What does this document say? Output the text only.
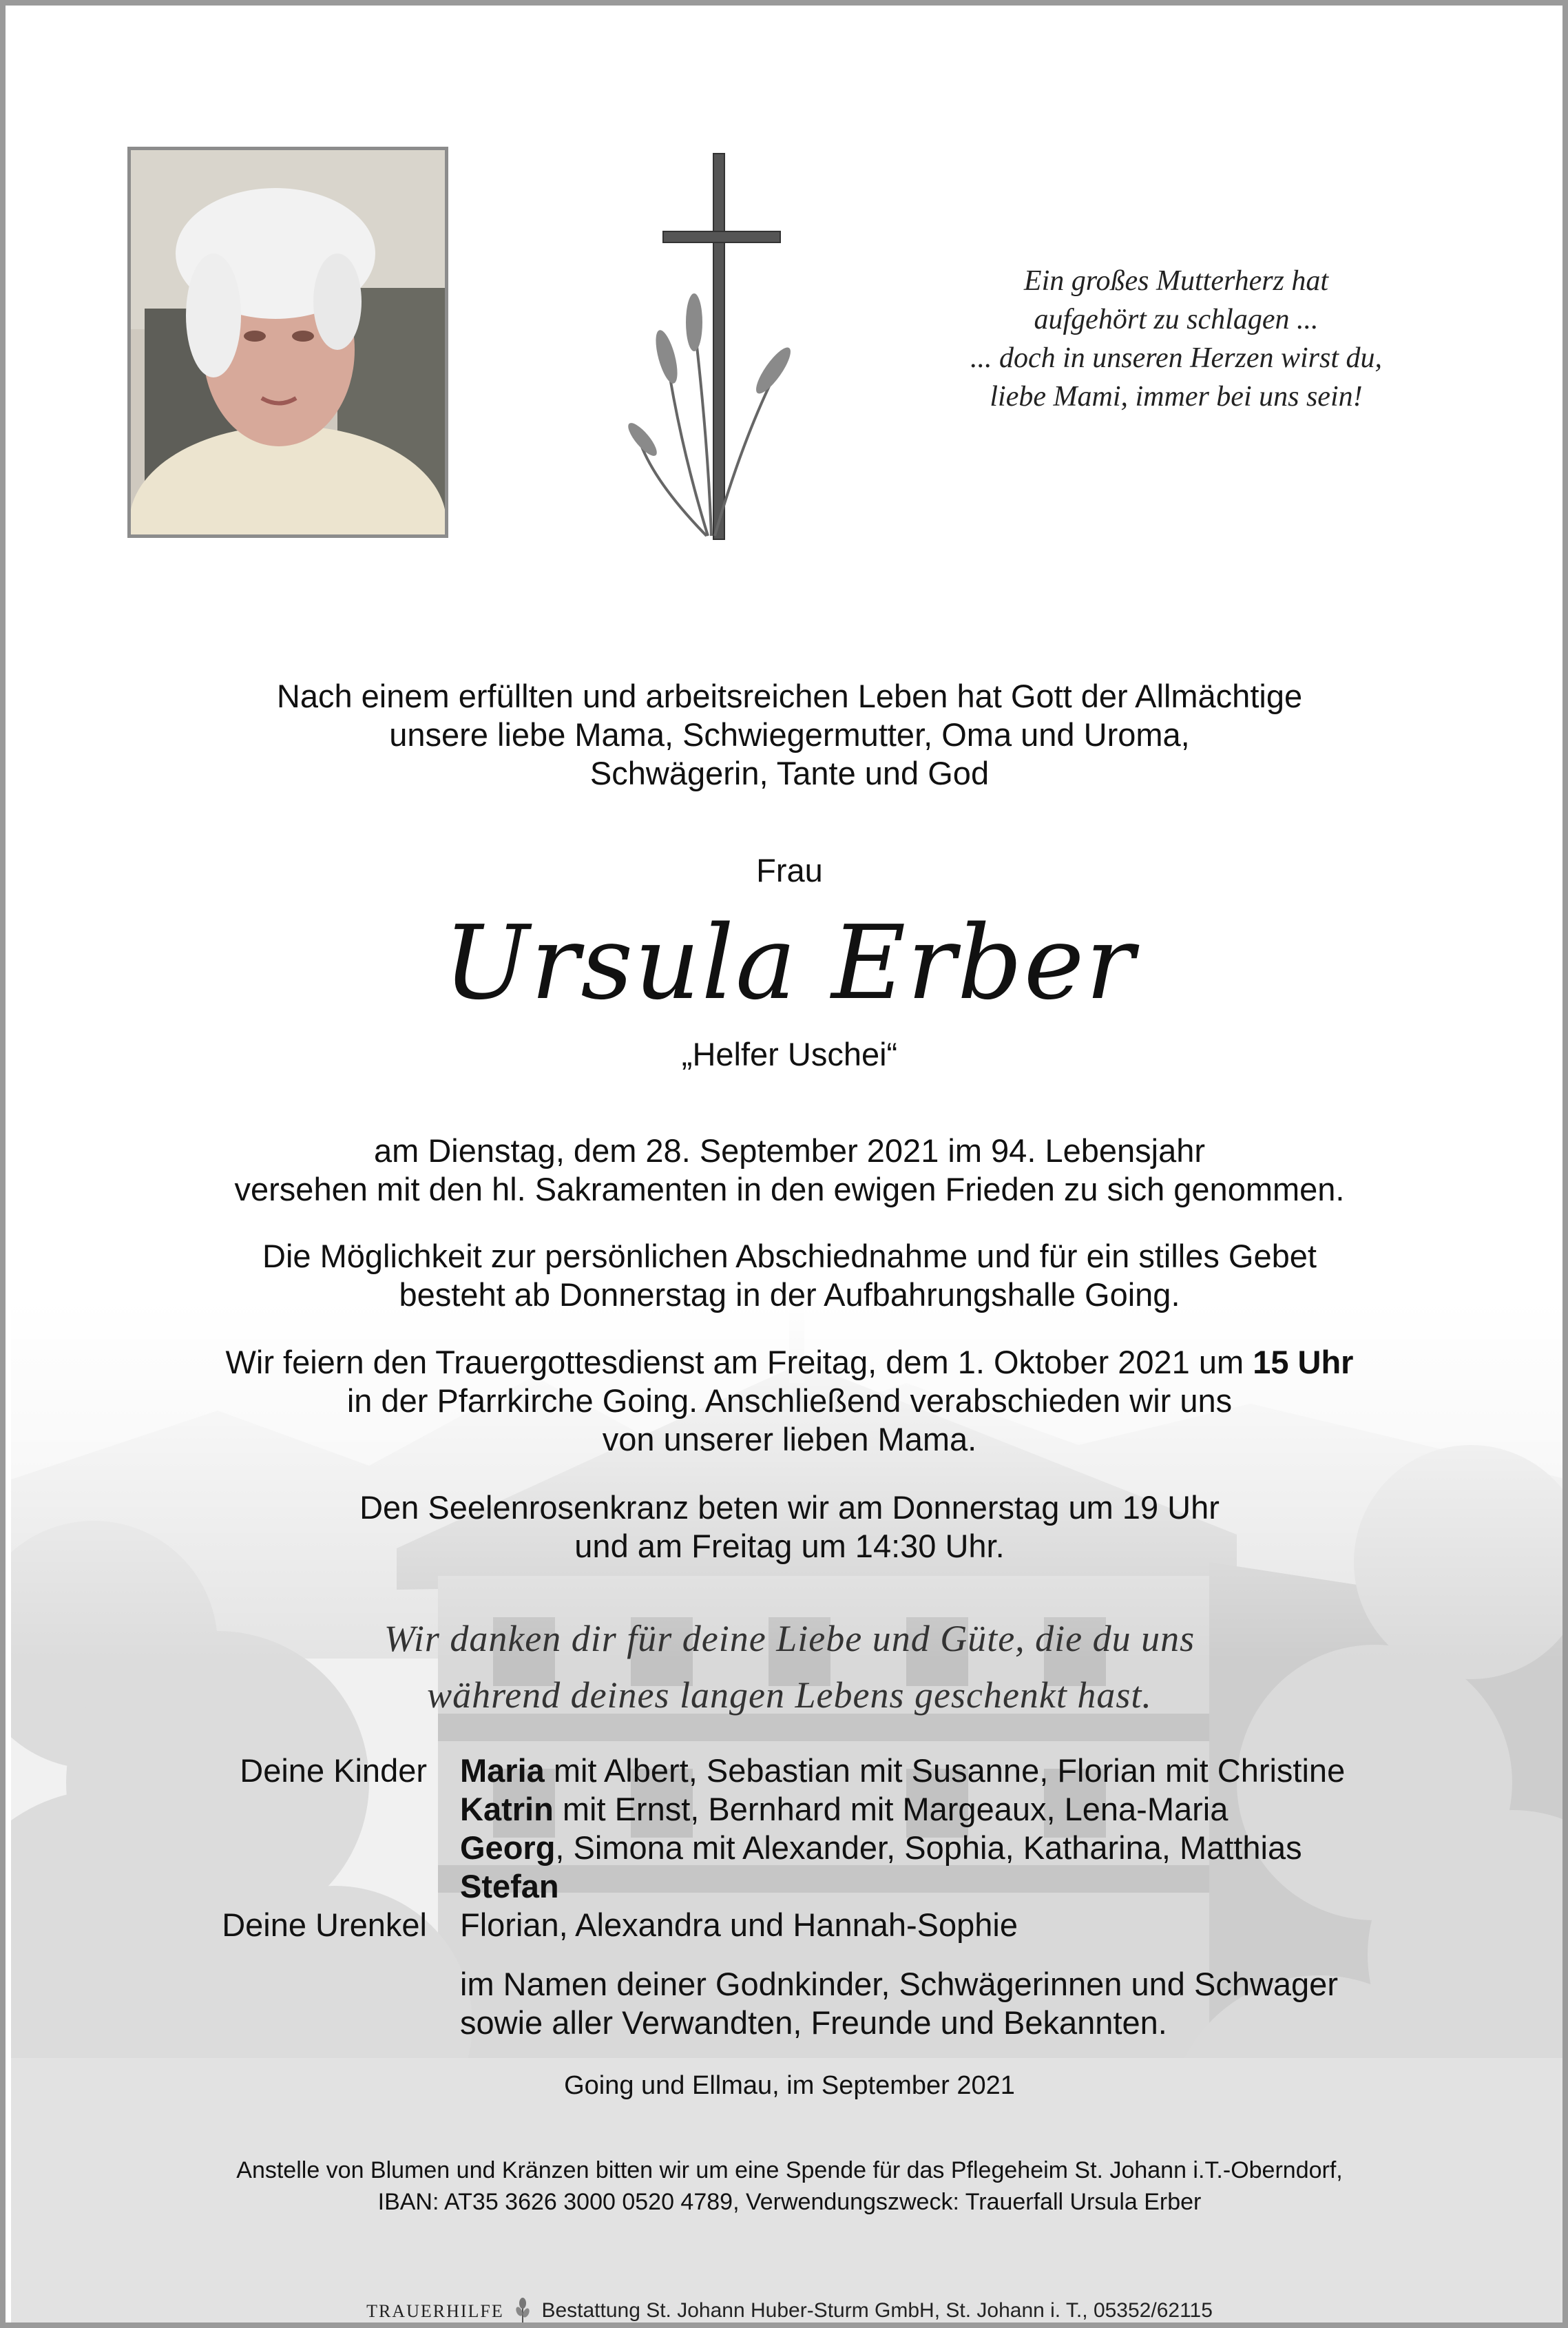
Ein großes Mutterherz hat
aufgehört zu schlagen ...
... doch in unseren Herzen wirst du,
liebe Mami, immer bei uns sein!
Nach einem erfüllten und arbeitsreichen Leben hat Gott der Allmächtige
unsere liebe Mama, Schwiegermutter, Oma und Uroma,
Schwägerin, Tante und God
Frau
Ursula Erber
„Helfer Uschei“
am Dienstag, dem 28. September 2021 im 94. Lebensjahr
versehen mit den hl. Sakramenten in den ewigen Frieden zu sich genommen.
Die Möglichkeit zur persönlichen Abschiednahme und für ein stilles Gebet
besteht ab Donnerstag in der Aufbahrungshalle Going.
Wir feiern den Trauergottesdienst am Freitag, dem 1. Oktober 2021 um 15 Uhr
in der Pfarrkirche Going. Anschließend verabschieden wir uns
von unserer lieben Mama.
Den Seelenrosenkranz beten wir am Donnerstag um 19 Uhr
und am Freitag um 14:30 Uhr.
Wir danken dir für deine Liebe und Güte, die du uns
während deines langen Lebens geschenkt hast.
Deine Kinder Maria mit Albert, Sebastian mit Susanne, Florian mit Christine
Katrin mit Ernst, Bernhard mit Margeaux, Lena-Maria
Georg, Simona mit Alexander, Sophia, Katharina, Matthias
Stefan
Deine Urenkel Florian, Alexandra und Hannah-Sophie
im Namen deiner Godnkinder, Schwägerinnen und Schwager
sowie aller Verwandten, Freunde und Bekannten.
Going und Ellmau, im September 2021
Anstelle von Blumen und Kränzen bitten wir um eine Spende für das Pflegeheim St. Johann i.T.-Oberndorf,
IBAN: AT35 3626 3000 0520 4789, Verwendungszweck: Trauerfall Ursula Erber
TRAUERHILFE Bestattung St. Johann Huber-Sturm GmbH, St. Johann i. T., 05352/62115
